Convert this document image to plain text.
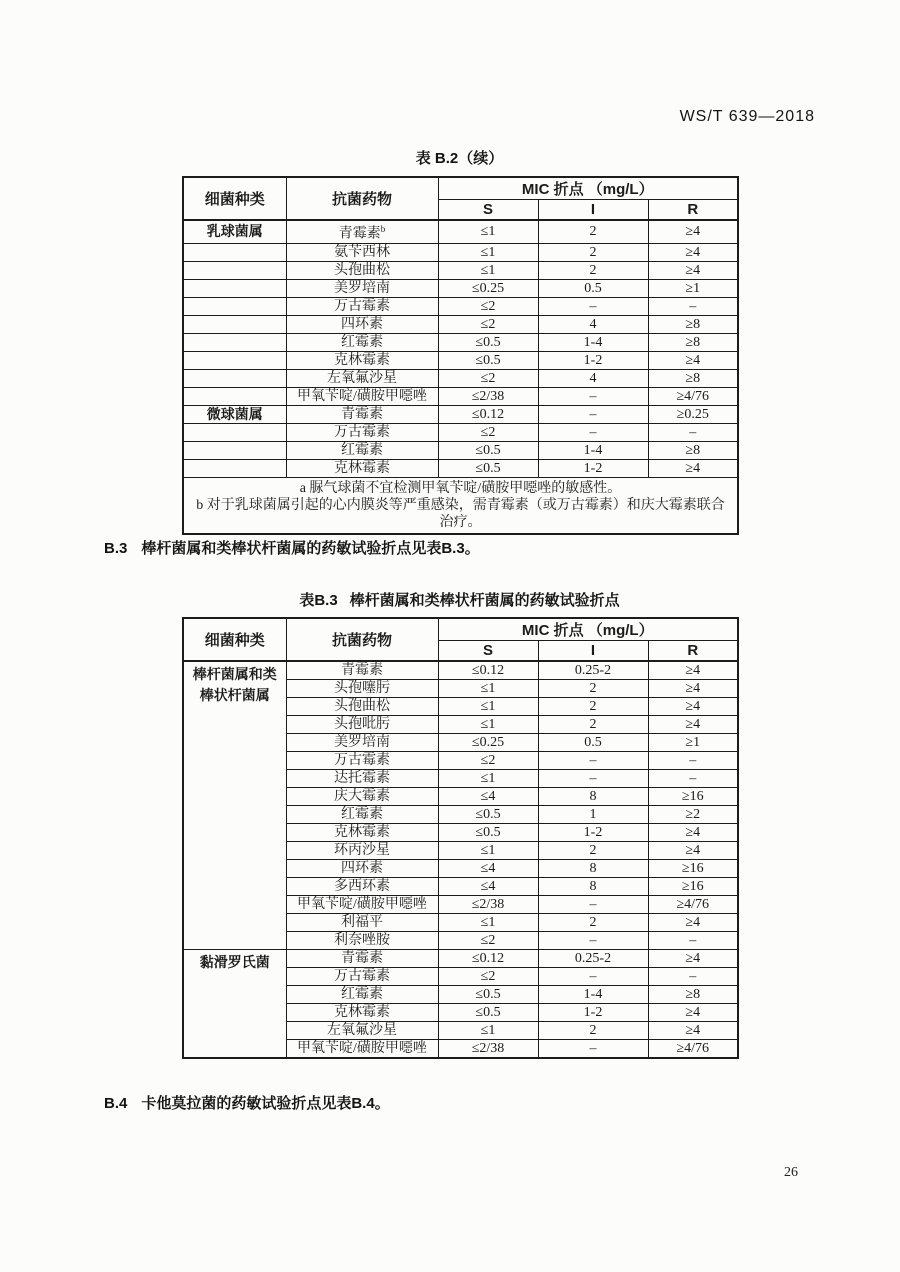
WS/T 639—2018
表 B.2（续）
细菌种类	抗菌药物	MIC 折点 （mg/L）		
		S	I	R
乳球菌属	青霉素$^b$	≤1	2	≥4
	氨苄西林	≤1	2	≥4
	头孢曲松	≤1	2	≥4
	美罗培南	≤0.25	0.5	≥1
	万古霉素	≤2	–	–
	四环素	≤2	4	≥8
	红霉素	≤0.5	1-4	≥8
	克林霉素	≤0.5	1-2	≥4
	左氧氟沙星	≤2	4	≥8
	甲氧苄啶/磺胺甲噁唑	≤2/38	–	≥4/76
微球菌属	青霉素	≤0.12	–	≥0.25
	万古霉素	≤2	–	–
	红霉素	≤0.5	1-4	≥8
	克林霉素	≤0.5	1-2	≥4

a 脲气球菌不宜检测甲氧苄啶/磺胺甲噁唑的敏感性。
b 对于乳球菌属引起的心内膜炎等严重感染，需青霉素（或万古霉素）和庆大霉素联合治疗。				
B.3 棒杆菌属和类棒状杆菌属的药敏试验折点见表B.3。
表B.3 棒杆菌属和类棒状杆菌属的药敏试验折点
细菌种类	抗菌药物	MIC 折点 （mg/L）		
		S	I	R
棒杆菌属和类棒状杆菌属	青霉素	≤0.12	0.25-2	≥4
	头孢噻肟	≤1	2	≥4
	头孢曲松	≤1	2	≥4
	头孢吡肟	≤1	2	≥4
	美罗培南	≤0.25	0.5	≥1
	万古霉素	≤2	–	–
	达托霉素	≤1	–	–
	庆大霉素	≤4	8	≥16
	红霉素	≤0.5	1	≥2
	克林霉素	≤0.5	1-2	≥4
	环丙沙星	≤1	2	≥4
	四环素	≤4	8	≥16
	多西环素	≤4	8	≥16
	甲氧苄啶/磺胺甲噁唑	≤2/38	–	≥4/76
	利福平	≤1	2	≥4
	利奈唑胺	≤2	–	–
黏滑罗氏菌	青霉素	≤0.12	0.25-2	≥4
	万古霉素	≤2	–	–
	红霉素	≤0.5	1-4	≥8
	克林霉素	≤0.5	1-2	≥4
	左氧氟沙星	≤1	2	≥4
	甲氧苄啶/磺胺甲噁唑	≤2/38	–	≥4/76
B.4 卡他莫拉菌的药敏试验折点见表B.4。
26
